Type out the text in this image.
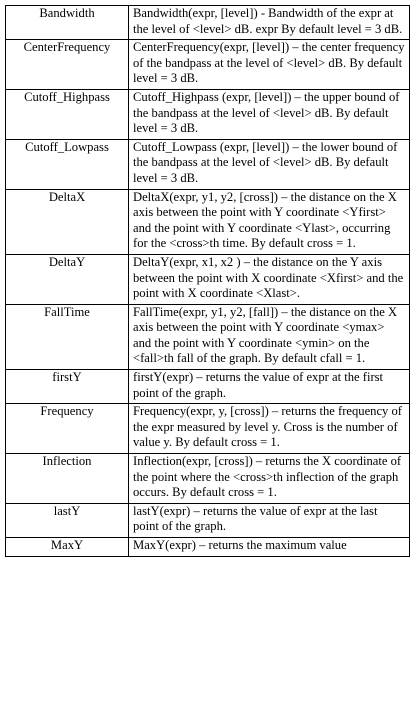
Bandwidth	Bandwidth(expr, [level]) - Bandwidth of the expr at the level of <level> dB. expr By default level = 3 dB.
CenterFrequency	CenterFrequency(expr, [level]) – the center frequency of the bandpass at the level of <level> dB. By default level = 3 dB.
Cutoff_Highpass	Cutoff_Highpass (expr, [level]) – the upper bound of the bandpass at the level of <level> dB. By default level = 3 dB.
Cutoff_Lowpass	Cutoff_Lowpass (expr, [level]) – the lower bound of the bandpass at the level of <level> dB. By default level = 3 dB.
DeltaX	DeltaX(expr, y1, y2, [cross]) – the distance on the X axis between the point with Y coordinate <Yfirst> and the point with Y coordinate <Ylast>, occurring for the <cross>th time. By default cross = 1.
DeltaY	DeltaY(expr, x1, x2 ) – the distance on the Y axis between the point with X coordinate <Xfirst> and the point with X coordinate <Xlast>.
FallTime	FallTime(expr, y1, y2, [fall]) – the distance on the X axis between the point with Y coordinate <ymax> and the point with Y coordinate <ymin> on the <fall>th fall of the graph. By default cfall = 1.
firstY	firstY(expr) – returns the value of expr at the first point of the graph.
Frequency	Frequency(expr, y, [cross]) – returns the frequency of the expr measured by level y. Cross is the number of value y. By default cross = 1.
Inflection	Inflection(expr, [cross]) – returns the X coordinate of the point where the <cross>th inflection of the graph occurs. By default cross = 1.
lastY	lastY(expr) – returns the value of expr at the last point of the graph.
MaxY	MaxY(expr) – returns the maximum value
